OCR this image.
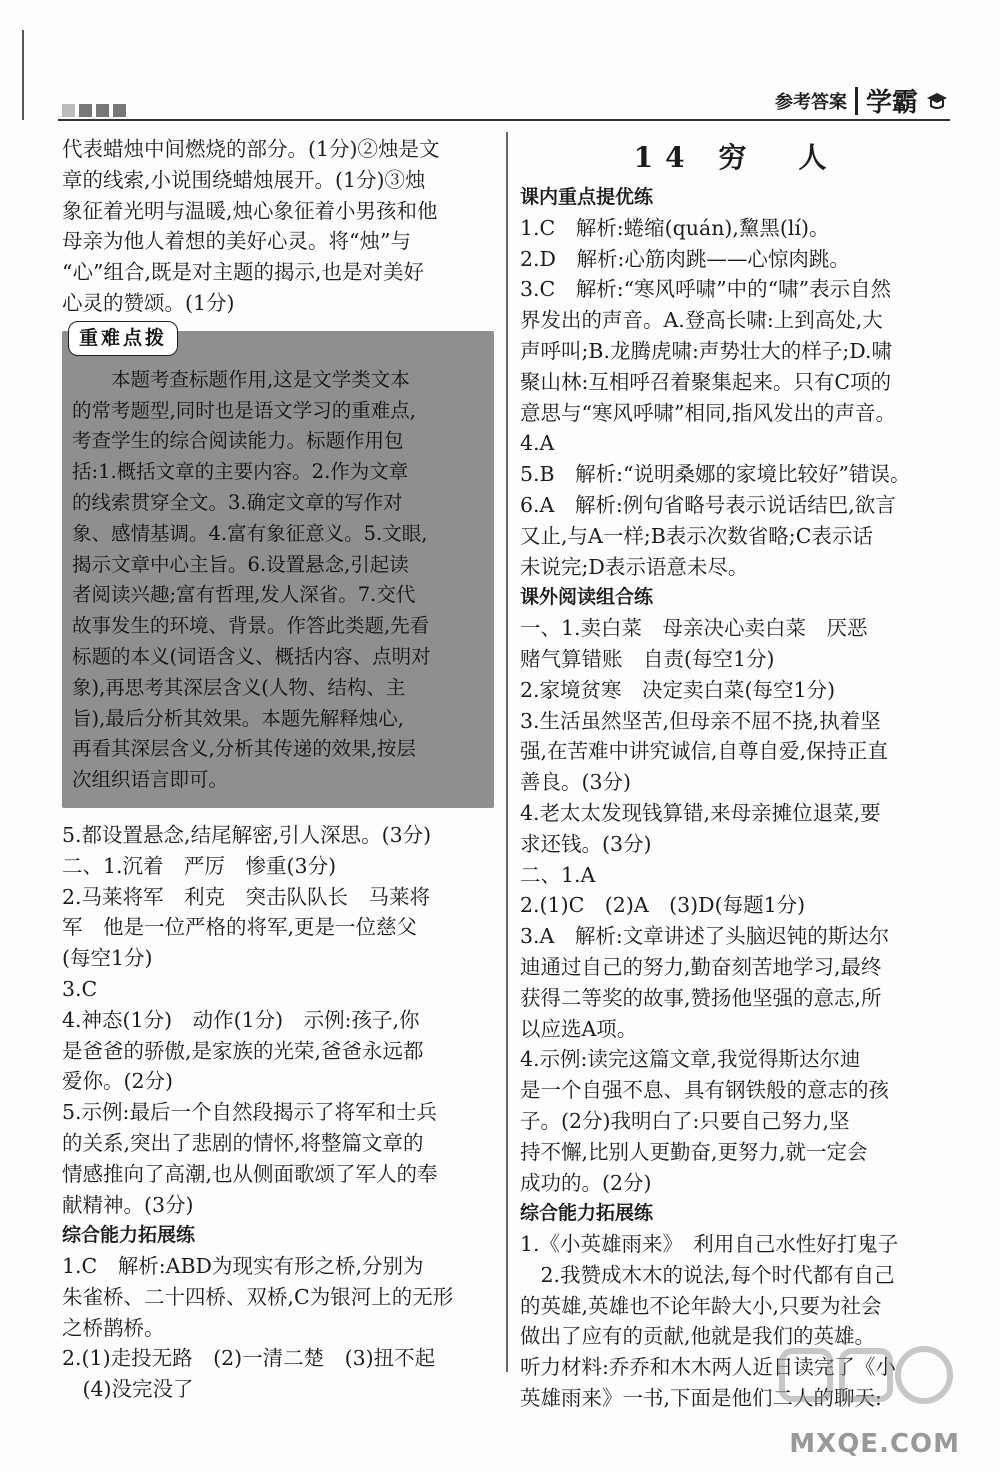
参考答案 学霸
代表蜡烛中间燃烧的部分。(1分)②烛是文
章的线索,小说围绕蜡烛展开。(1分)③烛
象征着光明与温暖,烛心象征着小男孩和他
母亲为他人着想的美好心灵。将“烛”与
“心”组合,既是对主题的揭示,也是对美好
心灵的赞颂。(1分)
重难点拨
　　本题考查标题作用,这是文学类文本
的常考题型,同时也是语文学习的重难点,
考查学生的综合阅读能力。标题作用包
括:1.概括文章的主要内容。2.作为文章
的线索贯穿全文。3.确定文章的写作对
象、感情基调。4.富有象征意义。5.文眼,
揭示文章中心主旨。6.设置悬念,引起读
者阅读兴趣;富有哲理,发人深省。7.交代
故事发生的环境、背景。作答此类题,先看
标题的本义(词语含义、概括内容、点明对
象),再思考其深层含义(人物、结构、主
旨),最后分析其效果。本题先解释烛心,
再看其深层含义,分析其传递的效果,按层
次组织语言即可。
5.都设置悬念,结尾解密,引人深思。(3分)
二、1.沉着　严厉　惨重(3分)
2.马莱将军　利克　突击队队长　马莱将
军　他是一位严格的将军,更是一位慈父
(每空1分)
3.C
4.神态(1分)　动作(1分)　示例:孩子,你
是爸爸的骄傲,是家族的光荣,爸爸永远都
爱你。(2分)
5.示例:最后一个自然段揭示了将军和士兵
的关系,突出了悲剧的情怀,将整篇文章的
情感推向了高潮,也从侧面歌颂了军人的奉
献精神。(3分)
综合能力拓展练
1.C　解析:ABD为现实有形之桥,分别为
朱雀桥、二十四桥、双桥,C为银河上的无形
之桥鹊桥。
2.(1)走投无路　(2)一清二楚　(3)扭不起
　(4)没完没了
14 穷　人
课内重点提优练
1.C　解析:蜷缩(quán),黧黑(lí)。
2.D　解析:心筋肉跳——心惊肉跳。
3.C　解析:“寒风呼啸”中的“啸”表示自然
界发出的声音。A.登高长啸:上到高处,大
声呼叫;B.龙腾虎啸:声势壮大的样子;D.啸
聚山林:互相呼召着聚集起来。只有C项的
意思与“寒风呼啸”相同,指风发出的声音。
4.A
5.B　解析:“说明桑娜的家境比较好”错误。
6.A　解析:例句省略号表示说话结巴,欲言
又止,与A一样;B表示次数省略;C表示话
未说完;D表示语意未尽。
课外阅读组合练
一、1.卖白菜　母亲决心卖白菜　厌恶
赌气算错账　自责(每空1分)
2.家境贫寒　决定卖白菜(每空1分)
3.生活虽然坚苦,但母亲不屈不挠,执着坚
强,在苦难中讲究诚信,自尊自爱,保持正直
善良。(3分)
4.老太太发现钱算错,来母亲摊位退菜,要
求还钱。(3分)
二、1.A
2.(1)C　(2)A　(3)D(每题1分)
3.A　解析:文章讲述了头脑迟钝的斯达尔
迪通过自己的努力,勤奋刻苦地学习,最终
获得二等奖的故事,赞扬他坚强的意志,所
以应选A项。
4.示例:读完这篇文章,我觉得斯达尔迪
是一个自强不息、具有钢铁般的意志的孩
子。(2分)我明白了:只要自己努力,坚
持不懈,比别人更勤奋,更努力,就一定会
成功的。(2分)
综合能力拓展练
1.《小英雄雨来》　利用自己水性好打鬼子
　2.我赞成木木的说法,每个时代都有自己
的英雄,英雄也不论年龄大小,只要为社会
做出了应有的贡献,他就是我们的英雄。
听力材料:乔乔和木木两人近日读完了《小
英雄雨来》一书,下面是他们二人的聊天:
MXQE.COM
